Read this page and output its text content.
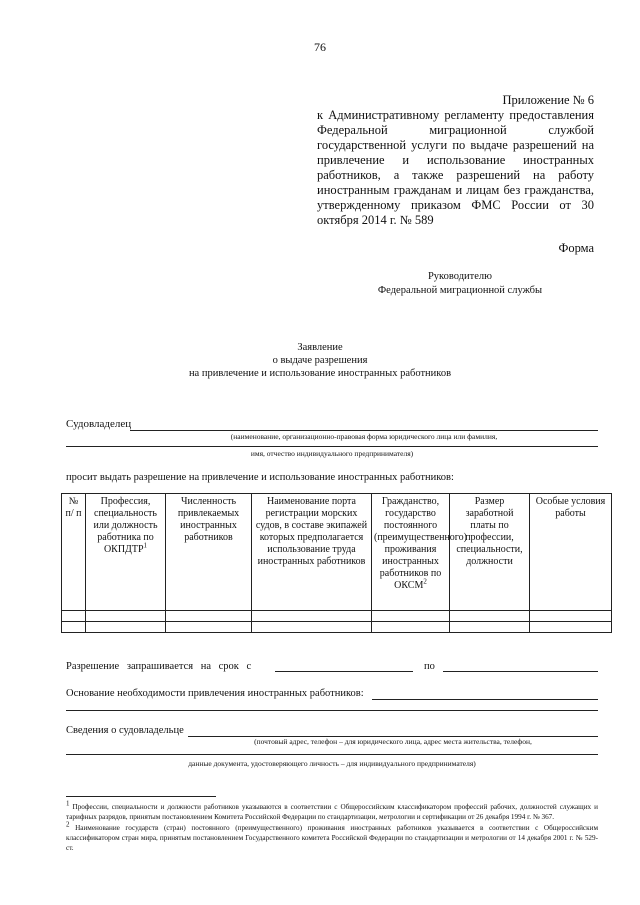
76
Приложение № 6
к Административному регламенту предоставления Федеральной миграционной службой государственной услуги по выдаче разрешений на привлечение и использование иностранных работников, а также разрешений на работу иностранным гражданам и лицам без гражданства, утвержденному приказом ФМС России от 30 октября 2014 г. № 589
Форма
Руководителю
Федеральной миграционной службы
Заявление
о выдаче разрешения
на привлечение и использование иностранных работников
Судовладелец
(наименование, организационно-правовая форма юридического лица или фамилия,
имя, отчество индивидуального предпринимателя)
просит выдать разрешение на привлечение и использование иностранных работников:
№ п/ п	Профессия, специальность или должность работника по ОКПДТР$^1$	Численность привлекаемых иностранных работников	Наименование порта регистрации морских судов, в составе экипажей которых предполагается использование труда иностранных работников	Гражданство, государство постоянного (преимущественного) проживания иностранных работников по ОКСМ$^2$	Размер заработной платы по профессии, специальности, должности	Особые условия работы

Разрешение запрашивается на срок с	по
Основание необходимости привлечения иностранных работников:
Сведения о судовладельце
(почтовый адрес, телефон – для юридического лица, адрес места жительства, телефон,
данные документа, удостоверяющего личность – для индивидуального предпринимателя)

$^1$ Профессии, специальности и должности работников указываются в соответствии с Общероссийским классификатором профессий рабочих, должностей служащих и тарифных разрядов, принятым постановлением Комитета Российской Федерации по стандартизации, метрологии и сертификации от 26 декабря 1994 г. № 367.

$^2$ Наименование государств (стран) постоянного (преимущественного) проживания иностранных работников указывается в соответствии с Общероссийским классификатором стран мира, принятым постановлением Государственного комитета Российской Федерации по стандартизации и метрологии от 14 декабря 2001 г. № 529-ст.
